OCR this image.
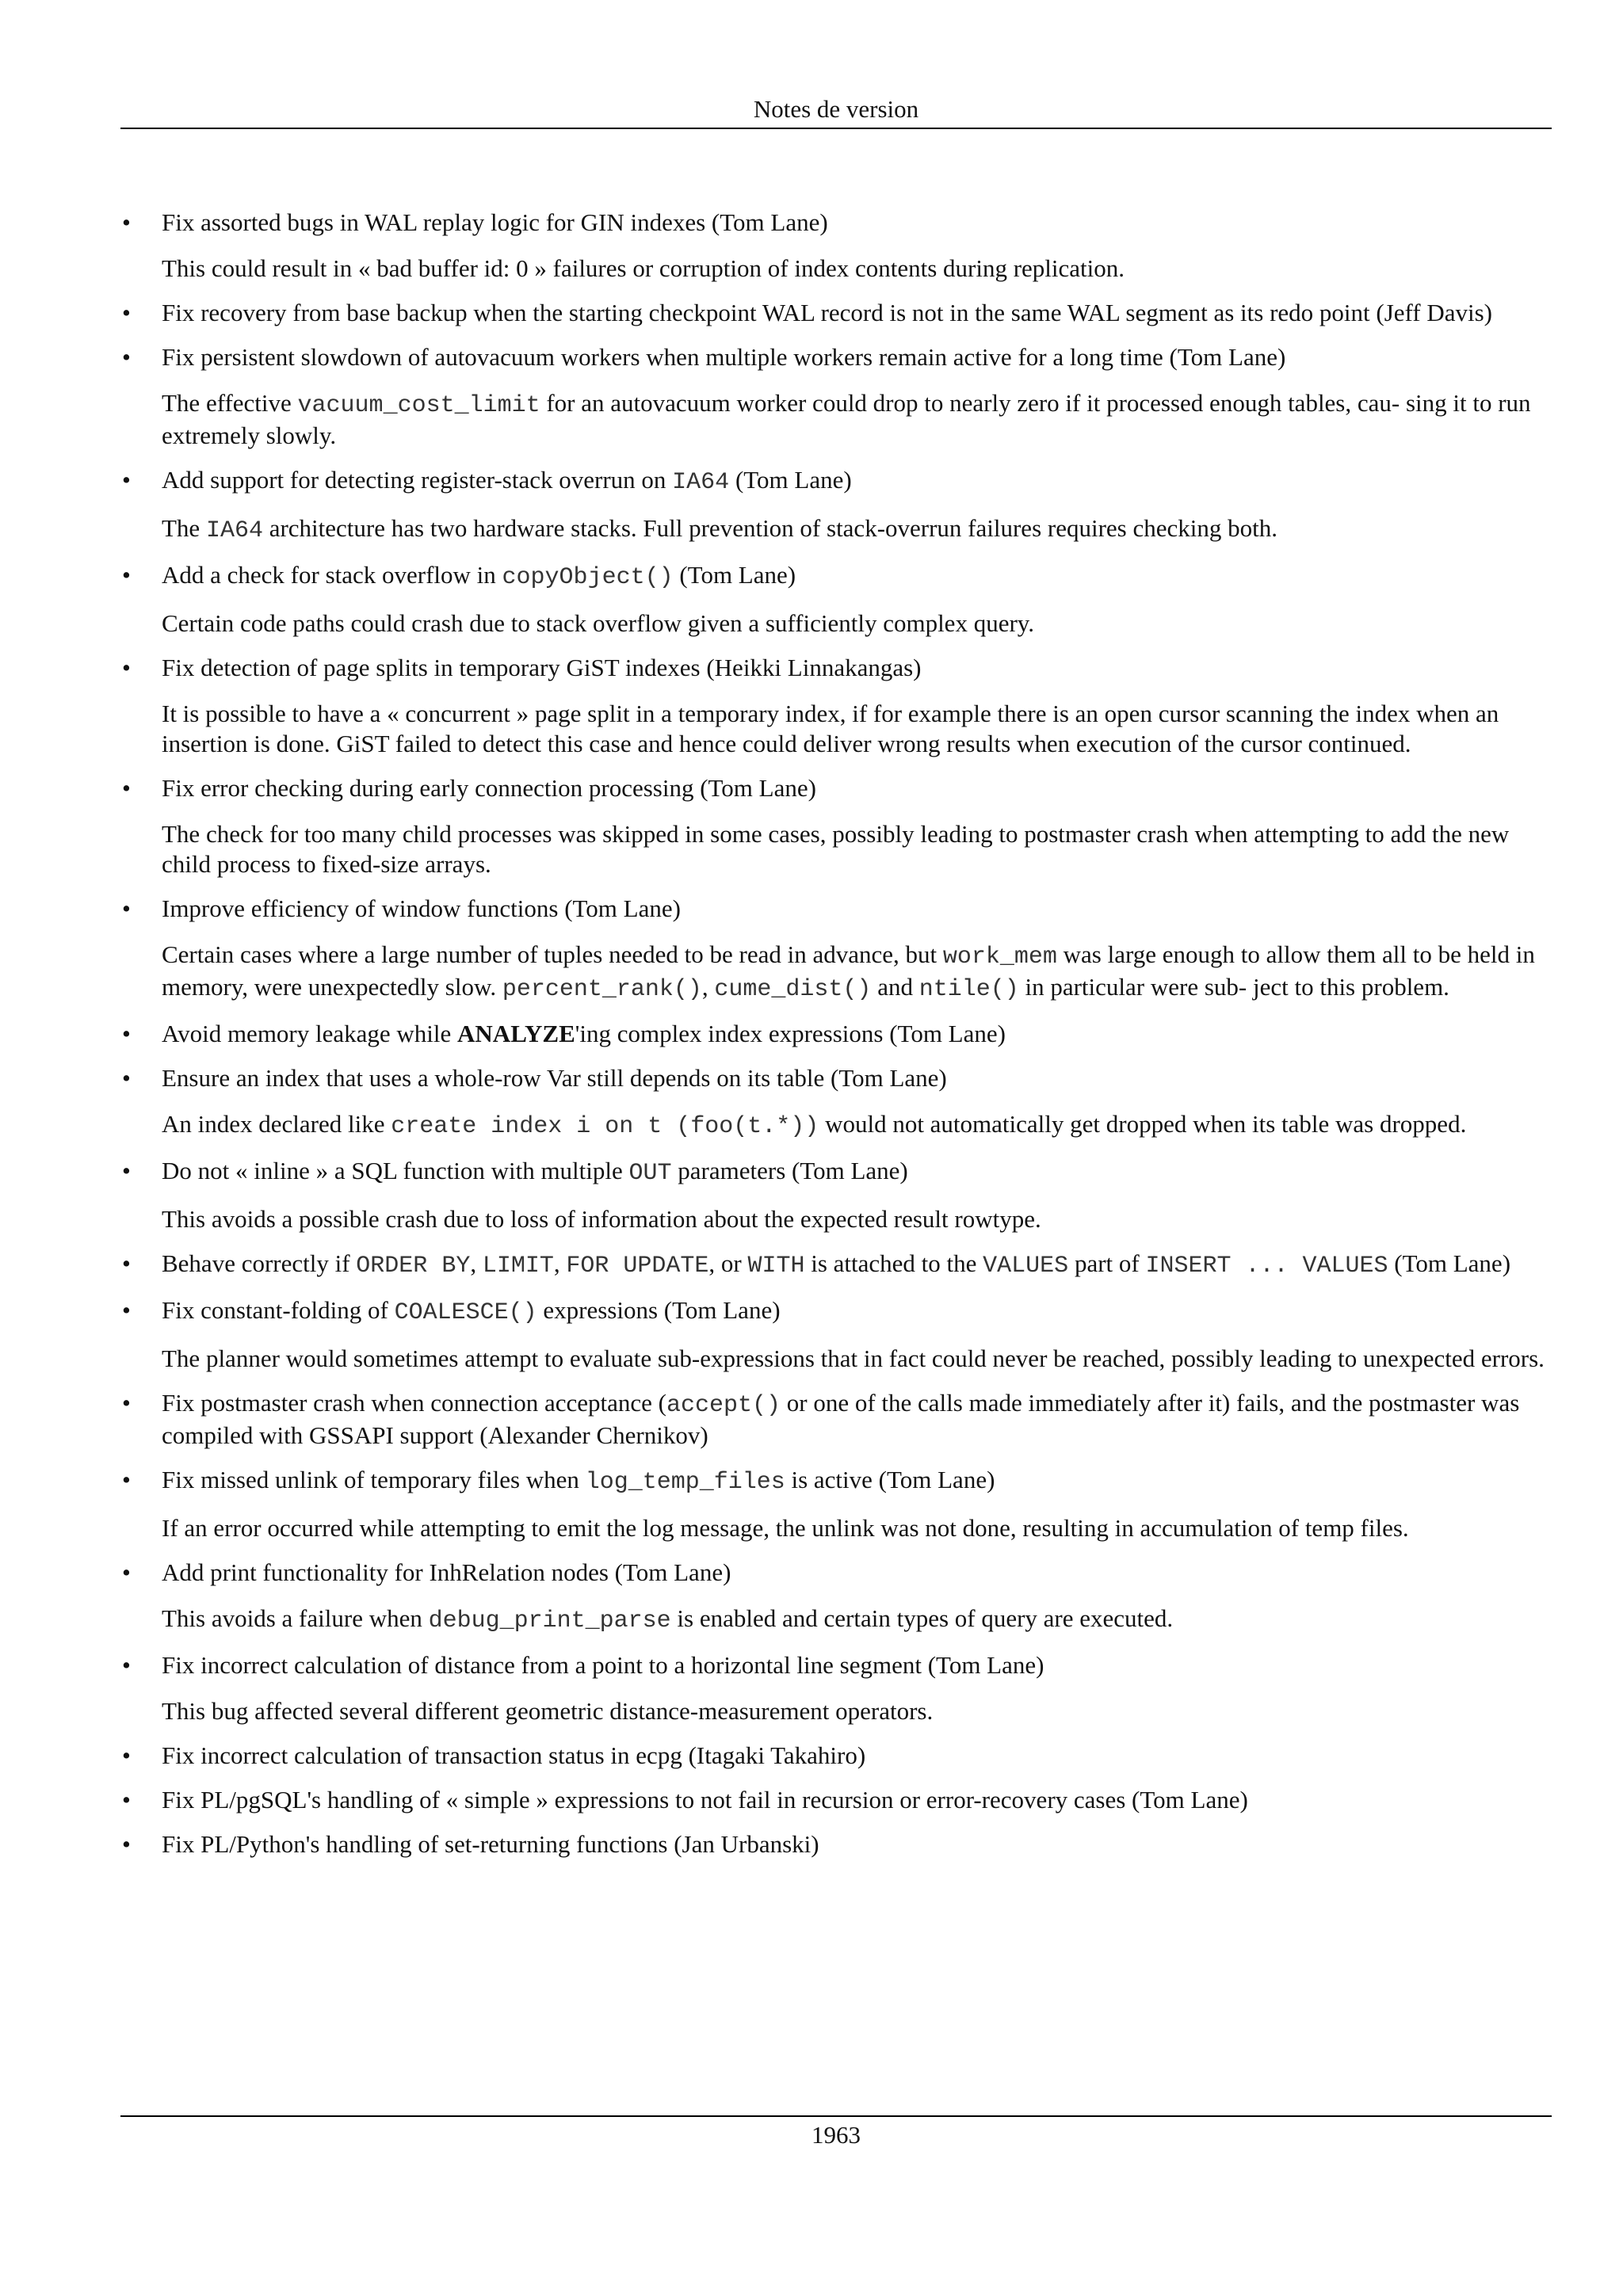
Notes de version
• Fix assorted bugs in WAL replay logic for GIN indexes (Tom Lane)

This could result in « bad buffer id: 0 » failures or corruption of index contents during replication.

• Fix recovery from base backup when the starting checkpoint WAL record is not in the same WAL segment as its redo point (Jeff Davis)

• Fix persistent slowdown of autovacuum workers when multiple workers remain active for a long time (Tom Lane)

The effective vacuum_cost_limit for an autovacuum worker could drop to nearly zero if it processed enough tables, cau- sing it to run extremely slowly.

• Add support for detecting register-stack overrun on IA64 (Tom Lane)

The IA64 architecture has two hardware stacks. Full prevention of stack-overrun failures requires checking both.

• Add a check for stack overflow in copyObject() (Tom Lane)

Certain code paths could crash due to stack overflow given a sufficiently complex query.

• Fix detection of page splits in temporary GiST indexes (Heikki Linnakangas)

It is possible to have a « concurrent » page split in a temporary index, if for example there is an open cursor scanning the index when an insertion is done. GiST failed to detect this case and hence could deliver wrong results when execution of the cursor continued.

• Fix error checking during early connection processing (Tom Lane)

The check for too many child processes was skipped in some cases, possibly leading to postmaster crash when attempting to add the new child process to fixed-size arrays.

• Improve efficiency of window functions (Tom Lane)

Certain cases where a large number of tuples needed to be read in advance, but work_mem was large enough to allow them all to be held in memory, were unexpectedly slow. percent_rank(), cume_dist() and ntile() in particular were sub- ject to this problem.

• Avoid memory leakage while ANALYZE'ing complex index expressions (Tom Lane)

• Ensure an index that uses a whole-row Var still depends on its table (Tom Lane)

An index declared like create index i on t (foo(t.*)) would not automatically get dropped when its table was dropped.

• Do not « inline » a SQL function with multiple OUT parameters (Tom Lane)

This avoids a possible crash due to loss of information about the expected result rowtype.

• Behave correctly if ORDER BY, LIMIT, FOR UPDATE, or WITH is attached to the VALUES part of INSERT ... VALUES (Tom Lane)

• Fix constant-folding of COALESCE() expressions (Tom Lane)

The planner would sometimes attempt to evaluate sub-expressions that in fact could never be reached, possibly leading to unexpected errors.

• Fix postmaster crash when connection acceptance (accept() or one of the calls made immediately after it) fails, and the postmaster was compiled with GSSAPI support (Alexander Chernikov)

• Fix missed unlink of temporary files when log_temp_files is active (Tom Lane)

If an error occurred while attempting to emit the log message, the unlink was not done, resulting in accumulation of temp files.

• Add print functionality for InhRelation nodes (Tom Lane)

This avoids a failure when debug_print_parse is enabled and certain types of query are executed.

• Fix incorrect calculation of distance from a point to a horizontal line segment (Tom Lane)

This bug affected several different geometric distance-measurement operators.

• Fix incorrect calculation of transaction status in ecpg (Itagaki Takahiro)

• Fix PL/pgSQL's handling of « simple » expressions to not fail in recursion or error-recovery cases (Tom Lane)

• Fix PL/Python's handling of set-returning functions (Jan Urbanski)

1963
